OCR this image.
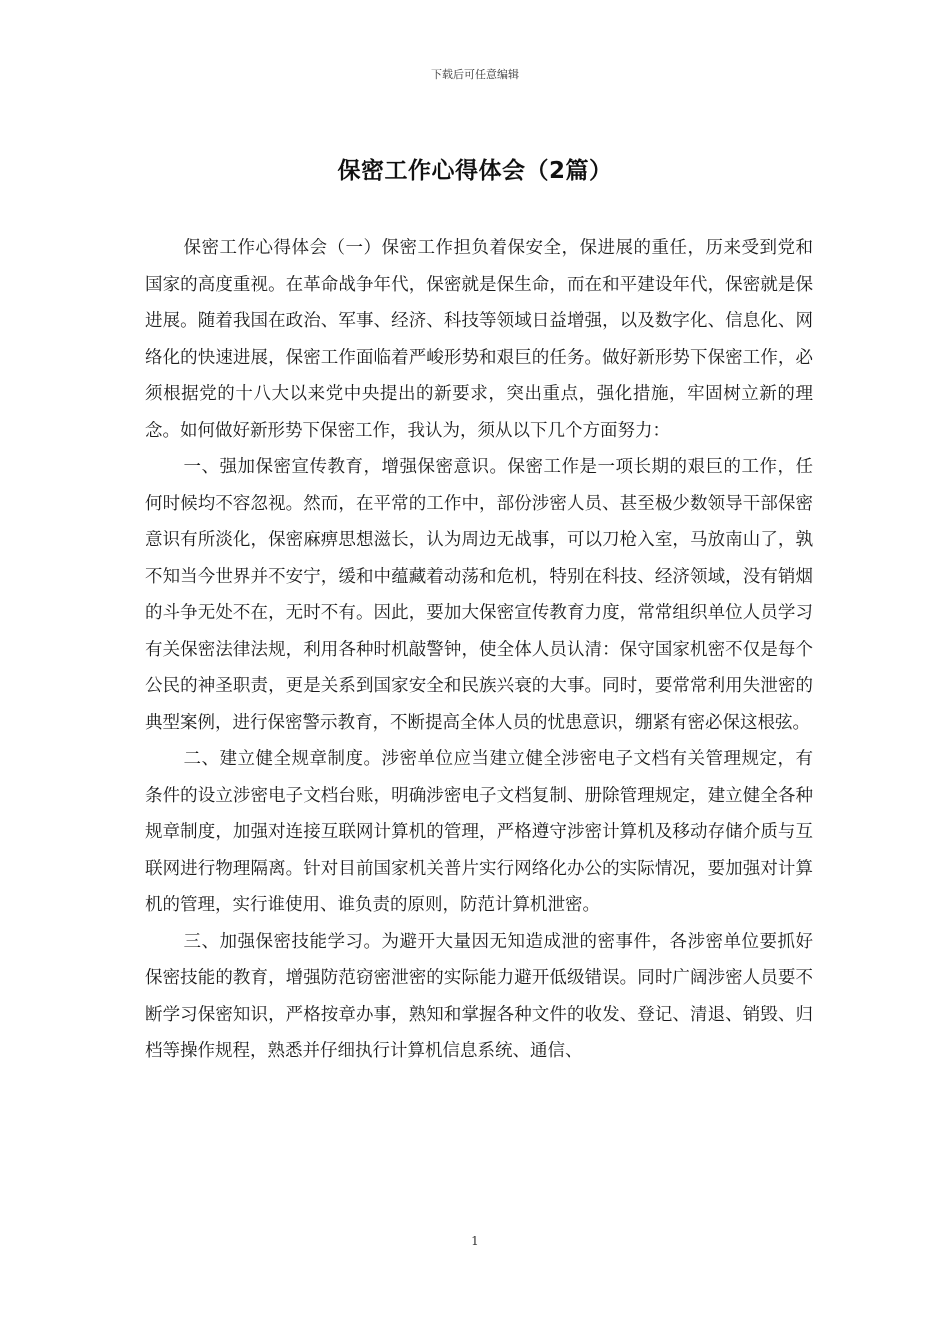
下载后可任意编辑
保密工作心得体会（2篇）

保密工作心得体会（一）保密工作担负着保安全，保进展的重任，历来受到党和国家的高度重视。在革命战争年代，保密就是保生命，而在和平建设年代，保密就是保进展。随着我国在政治、军事、经济、科技等领域日益增强，以及数字化、信息化、网络化的快速进展，保密工作面临着严峻形势和艰巨的任务。做好新形势下保密工作，必须根据党的十八大以来党中央提出的新要求，突出重点，强化措施，牢固树立新的理念。如何做好新形势下保密工作，我认为，须从以下几个方面努力：

一、强加保密宣传教育，增强保密意识。保密工作是一项长期的艰巨的工作，任何时候均不容忽视。然而，在平常的工作中，部份涉密人员、甚至极少数领导干部保密意识有所淡化，保密麻痹思想滋长，认为周边无战事，可以刀枪入室，马放南山了，孰不知当今世界并不安宁，缓和中蕴藏着动荡和危机，特别在科技、经济领域，没有销烟的斗争无处不在，无时不有。因此，要加大保密宣传教育力度，常常组织单位人员学习有关保密法律法规，利用各种时机敲警钟，使全体人员认清：保守国家机密不仅是每个公民的神圣职责，更是关系到国家安全和民族兴衰的大事。同时，要常常利用失泄密的典型案例，进行保密警示教育，不断提高全体人员的忧患意识，绷紧有密必保这根弦。

二、建立健全规章制度。涉密单位应当建立健全涉密电子文档有关管理规定，有条件的设立涉密电子文档台账，明确涉密电子文档复制、册除管理规定，建立健全各种规章制度，加强对连接互联网计算机的管理，严格遵守涉密计算机及移动存储介质与互联网进行物理隔离。针对目前国家机关普片实行网络化办公的实际情况，要加强对计算机的管理，实行谁使用、谁负责的原则，防范计算机泄密。

三、加强保密技能学习。为避开大量因无知造成泄的密事件，各涉密单位要抓好保密技能的教育，增强防范窃密泄密的实际能力避开低级错误。同时广阔涉密人员要不断学习保密知识，严格按章办事，熟知和掌握各种文件的收发、登记、清退、销毁、归档等操作规程，熟悉并仔细执行计算机信息系统、通信、

1
